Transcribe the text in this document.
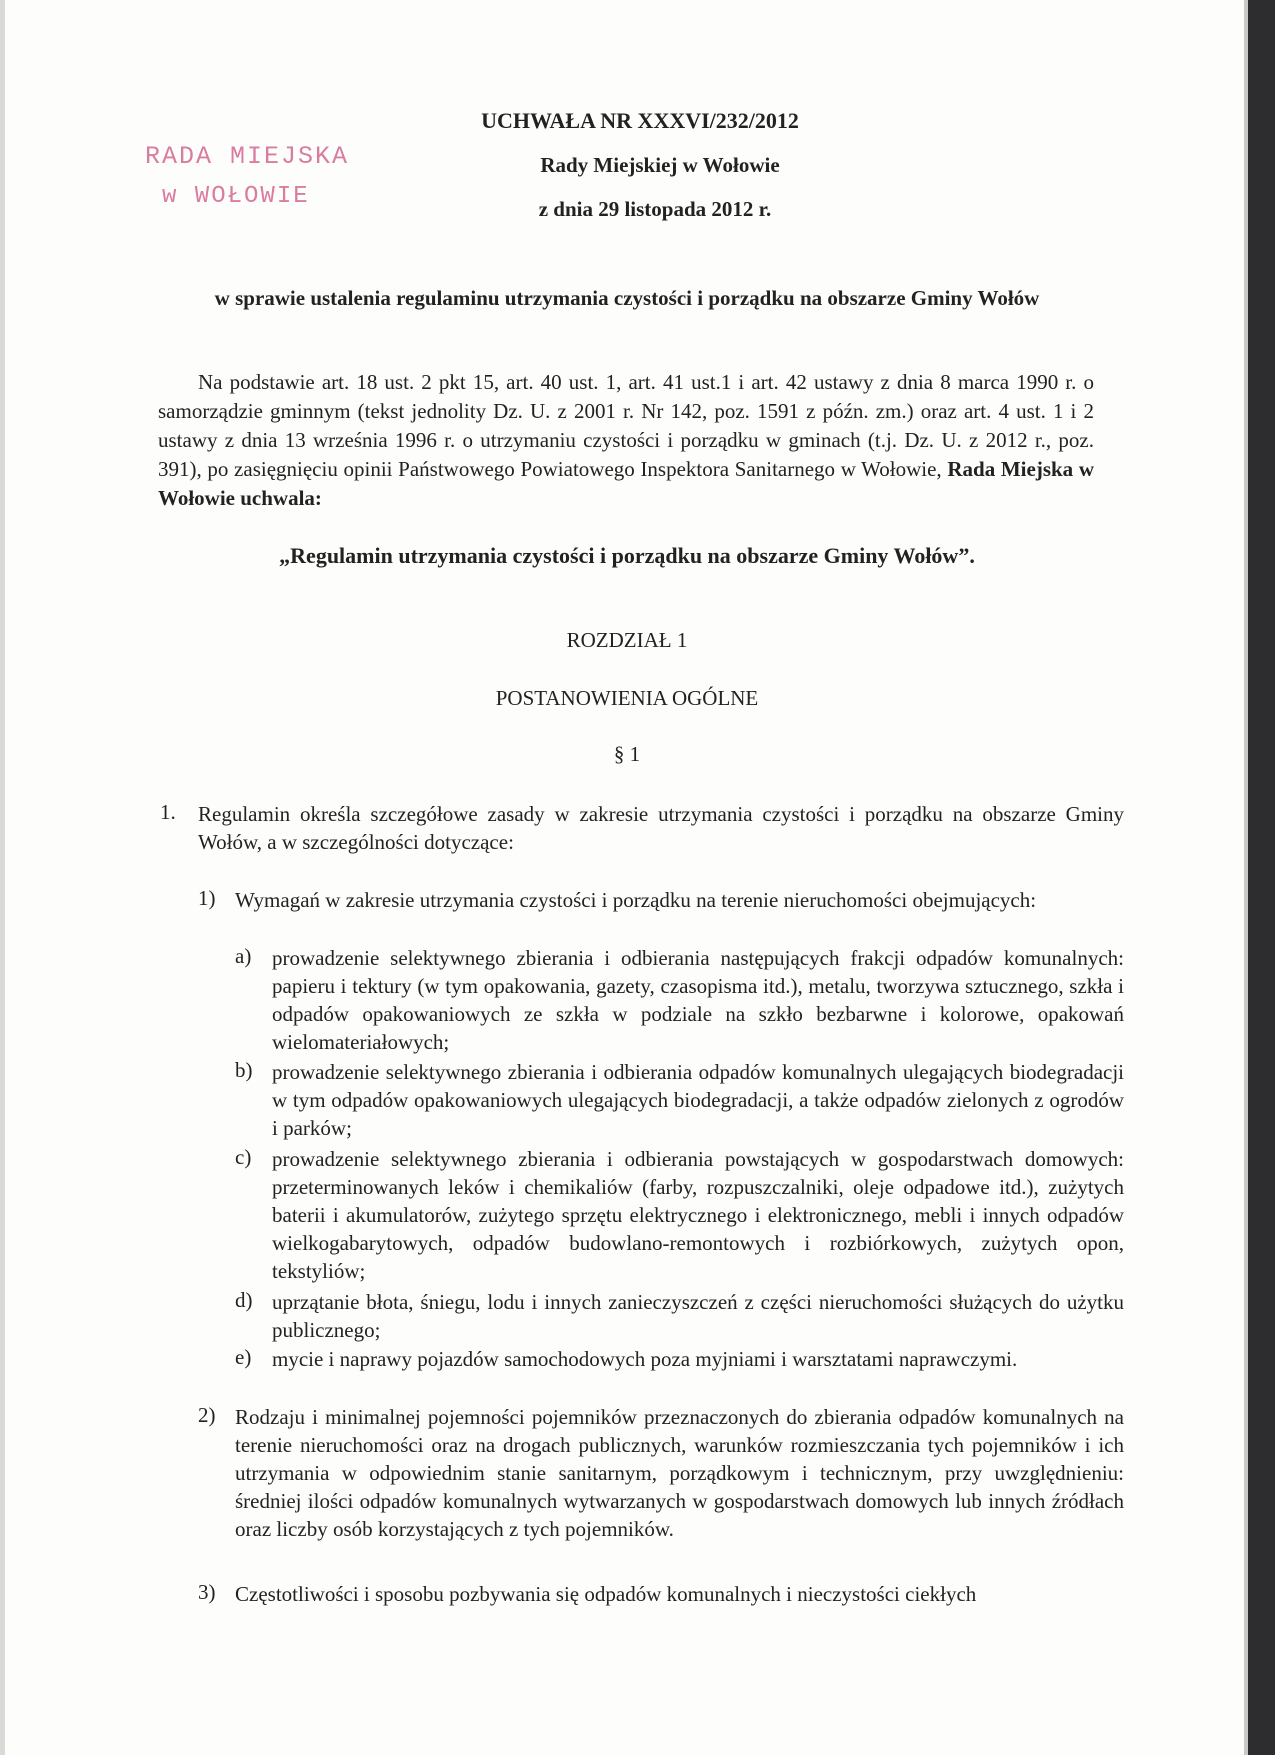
RADA MIEJSKA
w WOŁOWIE
UCHWAŁA NR XXXVI/232/2012
Rady Miejskiej w Wołowie
z dnia 29 listopada 2012 r.
w sprawie ustalenia regulaminu utrzymania czystości i porządku na obszarze Gminy Wołów
Na podstawie art. 18 ust. 2 pkt 15, art. 40 ust. 1, art. 41 ust.1 i art. 42 ustawy z dnia 8 marca 1990 r. o samorządzie gminnym (tekst jednolity Dz. U. z 2001 r. Nr 142, poz. 1591 z późn. zm.) oraz art. 4 ust. 1 i 2 ustawy z dnia 13 września 1996 r. o utrzymaniu czystości i porządku w gminach (t.j. Dz. U. z 2012 r., poz. 391), po zasięgnięciu opinii Państwowego Powiatowego Inspektora Sanitarnego w Wołowie, Rada Miejska w Wołowie uchwala:
„Regulamin utrzymania czystości i porządku na obszarze Gminy Wołów”.
ROZDZIAŁ 1
POSTANOWIENIA OGÓLNE
§ 1
1. Regulamin określa szczegółowe zasady w zakresie utrzymania czystości i porządku na obszarze Gminy Wołów, a w szczególności dotyczące:
1) Wymagań w zakresie utrzymania czystości i porządku na terenie nieruchomości obejmujących:
a) prowadzenie selektywnego zbierania i odbierania następujących frakcji odpadów komunalnych: papieru i tektury (w tym opakowania, gazety, czasopisma itd.), metalu, tworzywa sztucznego, szkła i odpadów opakowaniowych ze szkła w podziale na szkło bezbarwne i kolorowe, opakowań wielomateriałowych;
b) prowadzenie selektywnego zbierania i odbierania odpadów komunalnych ulegających biodegradacji w tym odpadów opakowaniowych ulegających biodegradacji, a także odpadów zielonych z ogrodów i parków;
c) prowadzenie selektywnego zbierania i odbierania powstających w gospodarstwach domowych: przeterminowanych leków i chemikaliów (farby, rozpuszczalniki, oleje odpadowe itd.), zużytych baterii i akumulatorów, zużytego sprzętu elektrycznego i elektronicznego, mebli i innych odpadów wielkogabarytowych, odpadów budowlano-remontowych i rozbiórkowych, zużytych opon, tekstyliów;
d) uprzątanie błota, śniegu, lodu i innych zanieczyszczeń z części nieruchomości służących do użytku publicznego;
e) mycie i naprawy pojazdów samochodowych poza myjniami i warsztatami naprawczymi.
2) Rodzaju i minimalnej pojemności pojemników przeznaczonych do zbierania odpadów komunalnych na terenie nieruchomości oraz na drogach publicznych, warunków rozmieszczania tych pojemników i ich utrzymania w odpowiednim stanie sanitarnym, porządkowym i technicznym, przy uwzględnieniu: średniej ilości odpadów komunalnych wytwarzanych w gospodarstwach domowych lub innych źródłach oraz liczby osób korzystających z tych pojemników.
3) Częstotliwości i sposobu pozbywania się odpadów komunalnych i nieczystości ciekłych
